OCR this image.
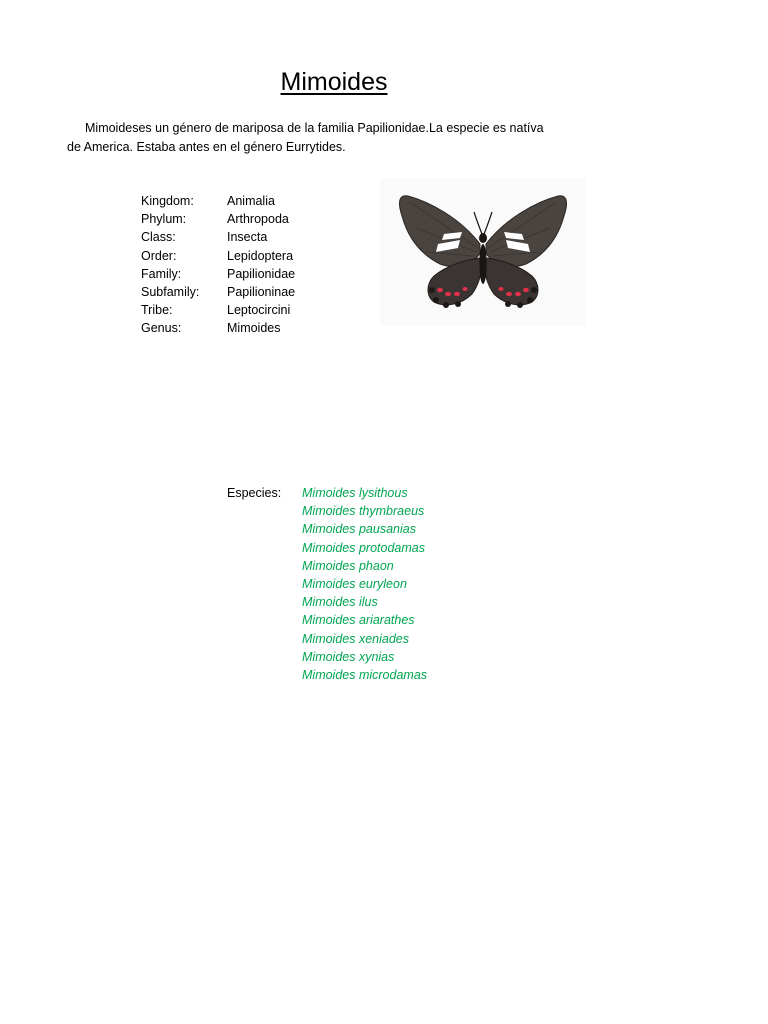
Mimoides

Mimoideses un género de mariposa de la familia Papilionidae.La especie es natíva
de America. Estaba antes en el género Eurrytides.

Kingdom:	Animalia
Phylum:	Arthropoda
Class:	Insecta
Order:	Lepidoptera
Family:	Papilionidae
Subfamily: Papilioninae
Tribe:	Leptocircini
Genus:	Mimoides
Especies: Mimoides lysithous
Mimoides thymbraeus
Mimoides pausanias
Mimoides protodamas
Mimoides phaon
Mimoides euryleon
Mimoides ilus
Mimoides ariarathes
Mimoides xeniades
Mimoides xynias
Mimoides microdamas
